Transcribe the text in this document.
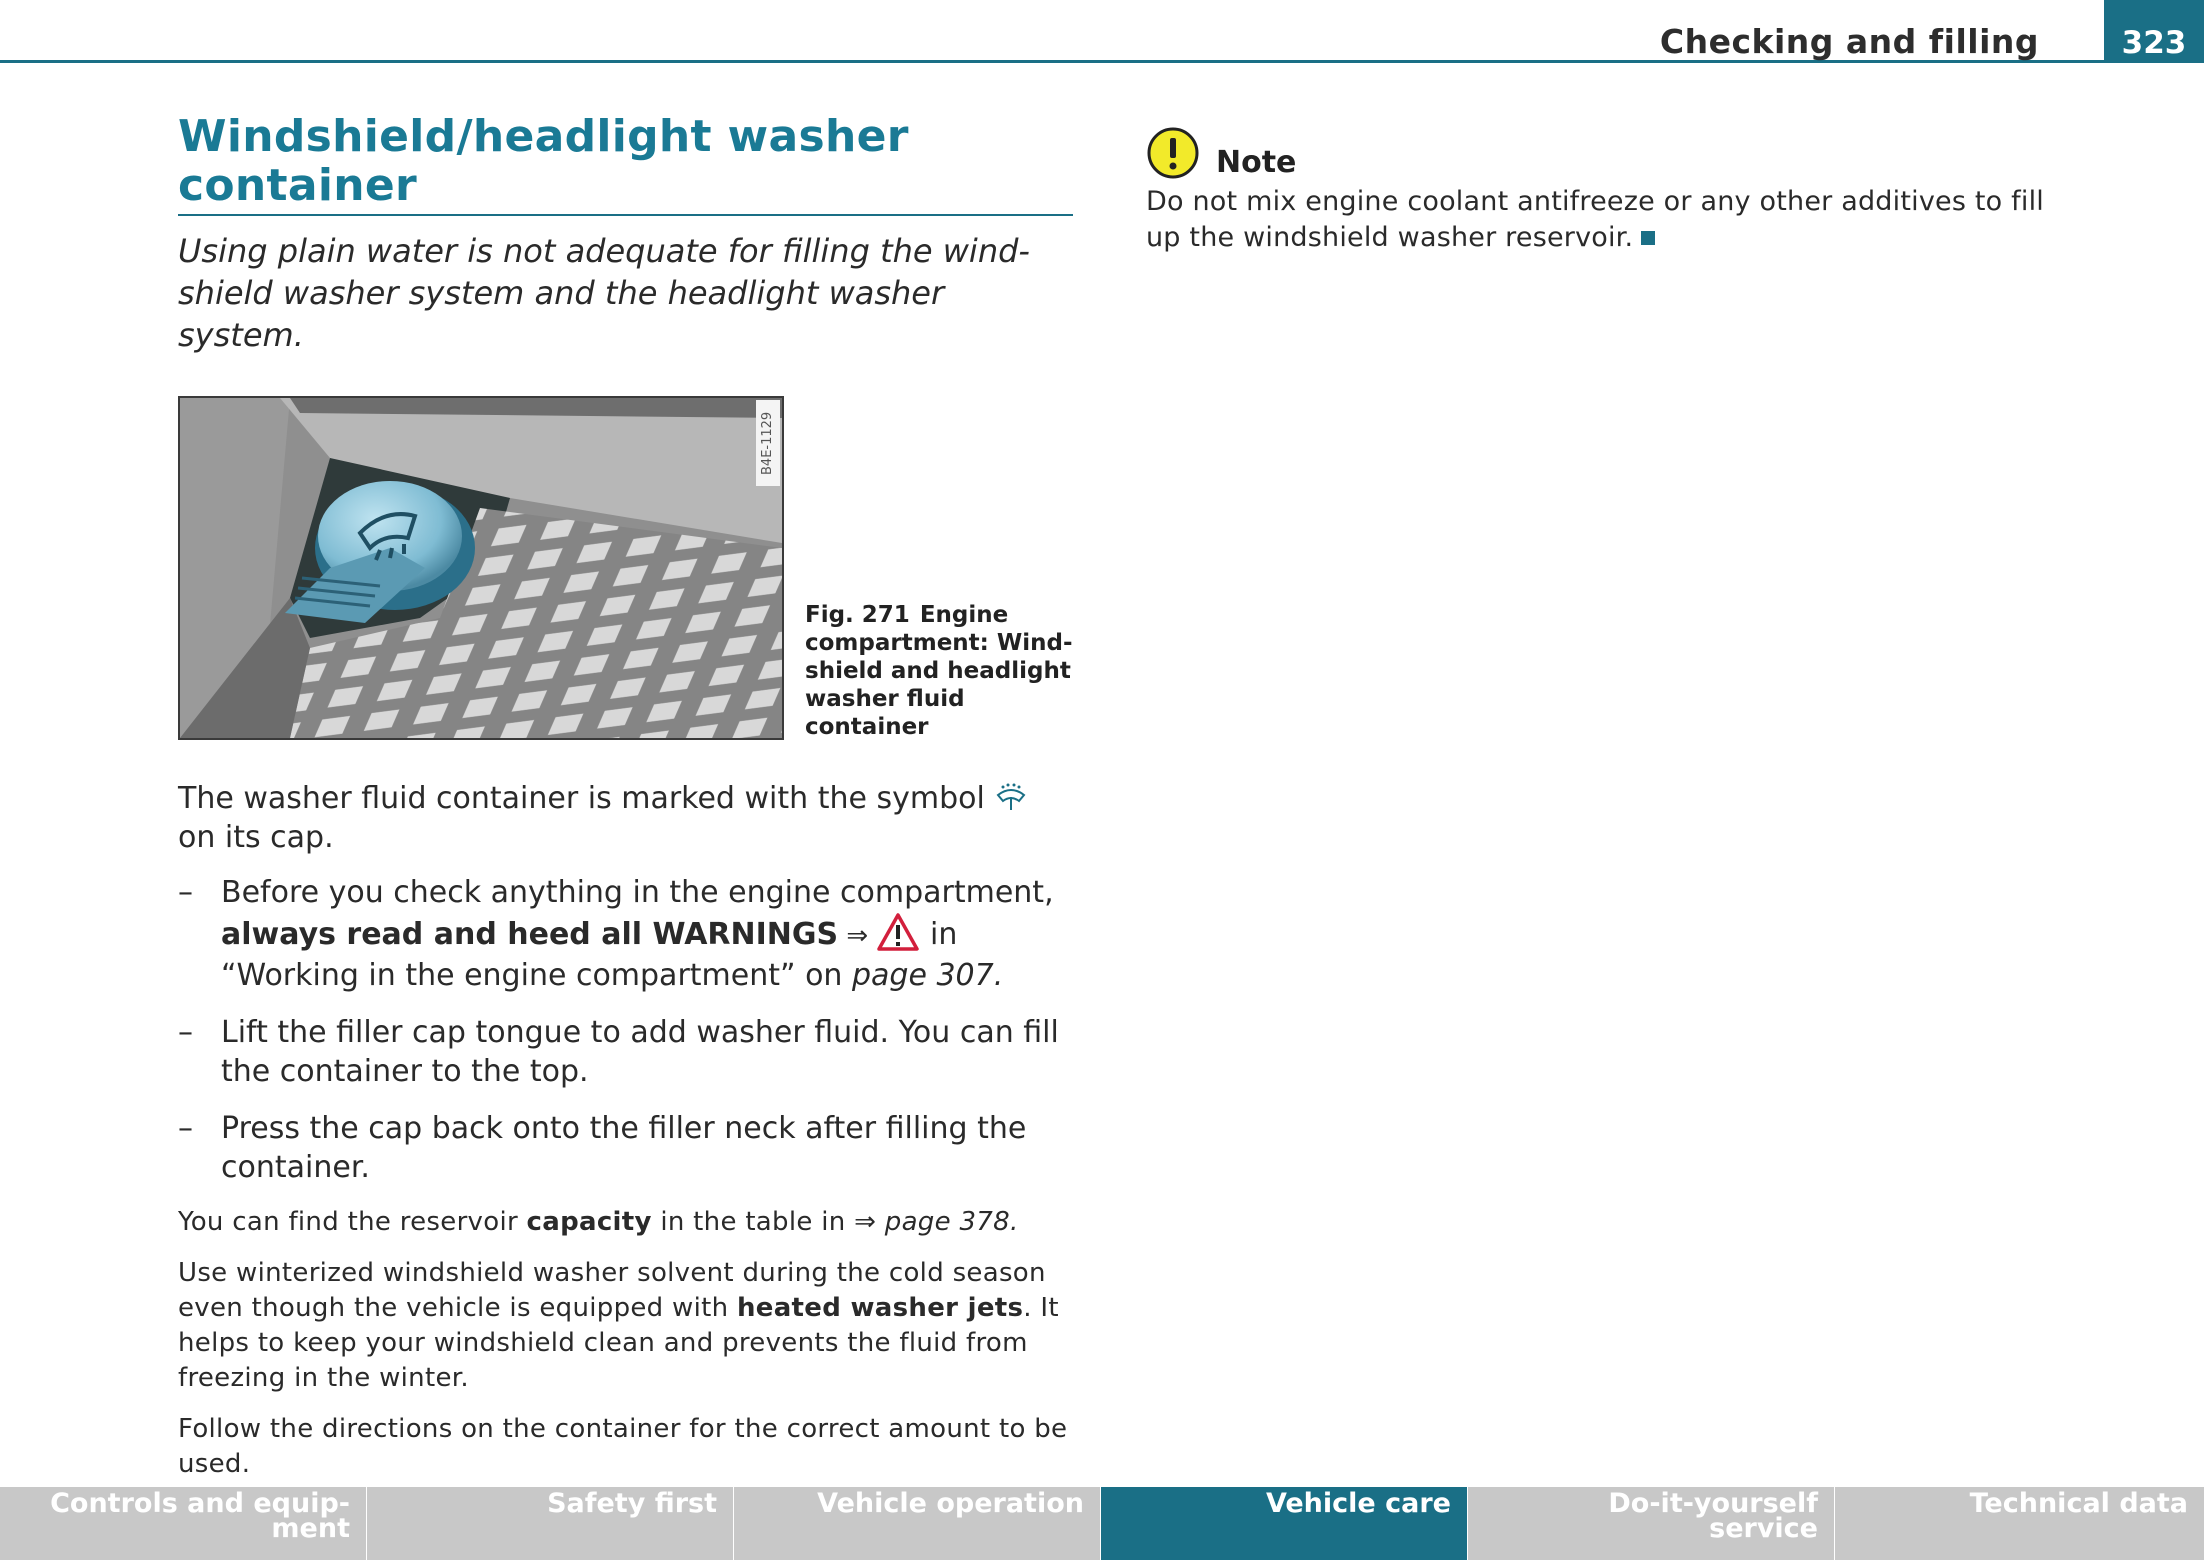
Checking and filling	323
Windshield/headlight washer container

Using plain water is not adequate for filling the wind-shield washer system and the headlight washer system.

B4E-1129
Fig. 271 Engine compartment: Wind-shield and headlight washer fluid container

The washer fluid container is marked with the symbol  on its cap.

– Before you check anything in the engine compartment, always read and heed all WARNINGS ⇒  in “Working in the engine compartment” on page 307.
– Lift the filler cap tongue to add washer fluid. You can fill the container to the top.
– Press the cap back onto the filler neck after filling the container.

You can find the reservoir capacity in the table in ⇒ page 378.

Use winterized windshield washer solvent during the cold season even though the vehicle is equipped with heated washer jets. It helps to keep your windshield clean and prevents the fluid from freezing in the winter.

Follow the directions on the container for the correct amount to be used.

Note

Do not mix engine coolant antifreeze or any other additives to fill up the windshield washer reservoir.

Controls and equip-ment
Safety first	Vehicle operation	Vehicle care	Do-it-yourself service
Technical data
